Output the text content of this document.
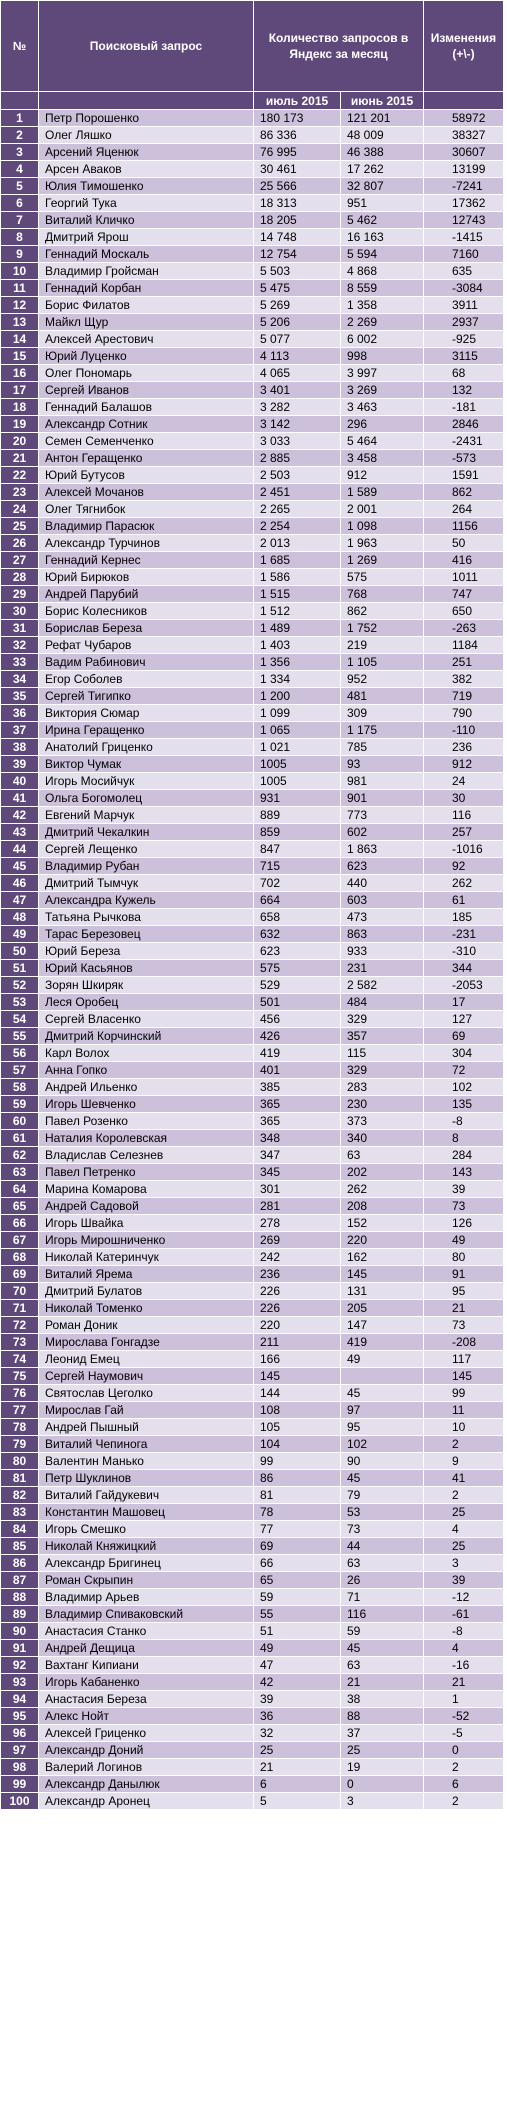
№	Поисковый запрос	Количество запросов в Яндекс за месяц		Изменения (+\-)
		июль 2015	июнь 2015	
1	Петр Порошенко	180 173	121 201	58972
2	Олег Ляшко	86 336	48 009	38327
3	Арсений Яценюк	76 995	46 388	30607
4	Арсен Аваков	30 461	17 262	13199
5	Юлия Тимошенко	25 566	32 807	-7241
6	Георгий Тука	18 313	951	17362
7	Виталий Кличко	18 205	5 462	12743
8	Дмитрий Ярош	14 748	16 163	-1415
9	Геннадий Москаль	12 754	5 594	7160
10	Владимир Гройсман	5 503	4 868	635
11	Геннадий Корбан	5 475	8 559	-3084
12	Борис Филатов	5 269	1 358	3911
13	Майкл Щур	5 206	2 269	2937
14	Алексей Арестович	5 077	6 002	-925
15	Юрий Луценко	4 113	998	3115
16	Олег Пономарь	4 065	3 997	68
17	Сергей Иванов	3 401	3 269	132
18	Геннадий Балашов	3 282	3 463	-181
19	Александр Сотник	3 142	296	2846
20	Семен Семенченко	3 033	5 464	-2431
21	Антон Геращенко	2 885	3 458	-573
22	Юрий Бутусов	2 503	912	1591
23	Алексей Мочанов	2 451	1 589	862
24	Олег Тягнибок	2 265	2 001	264
25	Владимир Парасюк	2 254	1 098	1156
26	Александр Турчинов	2 013	1 963	50
27	Геннадий Кернес	1 685	1 269	416
28	Юрий Бирюков	1 586	575	1011
29	Андрей Парубий	1 515	768	747
30	Борис Колесников	1 512	862	650
31	Борислав Береза	1 489	1 752	-263
32	Рефат Чубаров	1 403	219	1184
33	Вадим Рабинович	1 356	1 105	251
34	Егор Соболев	1 334	952	382
35	Сергей Тигипко	1 200	481	719
36	Виктория Сюмар	1 099	309	790
37	Ирина Геращенко	1 065	1 175	-110
38	Анатолий Гриценко	1 021	785	236
39	Виктор Чумак	1005	93	912
40	Игорь Мосийчук	1005	981	24
41	Ольга Богомолец	931	901	30
42	Евгений Марчук	889	773	116
43	Дмитрий Чекалкин	859	602	257
44	Сергей Лещенко	847	1 863	-1016
45	Владимир Рубан	715	623	92
46	Дмитрий Тымчук	702	440	262
47	Александра Кужель	664	603	61
48	Татьяна Рычкова	658	473	185
49	Тарас Березовец	632	863	-231
50	Юрий Береза	623	933	-310
51	Юрий Касьянов	575	231	344
52	Зорян Шкиряк	529	2 582	-2053
53	Леся Оробец	501	484	17
54	Сергей Власенко	456	329	127
55	Дмитрий Корчинский	426	357	69
56	Карл Волох	419	115	304
57	Анна Гопко	401	329	72
58	Андрей Ильенко	385	283	102
59	Игорь Шевченко	365	230	135
60	Павел Розенко	365	373	-8
61	Наталия Королевская	348	340	8
62	Владислав Селезнев	347	63	284
63	Павел Петренко	345	202	143
64	Марина Комарова	301	262	39
65	Андрей Садовой	281	208	73
66	Игорь Швайка	278	152	126
67	Игорь Мирошниченко	269	220	49
68	Николай Катеринчук	242	162	80
69	Виталий Ярема	236	145	91
70	Дмитрий Булатов	226	131	95
71	Николай Томенко	226	205	21
72	Роман Доник	220	147	73
73	Мирослава Гонгадзе	211	419	-208
74	Леонид Емец	166	49	117
75	Сергей Наумович	145		145
76	Святослав Цеголко	144	45	99
77	Мирослав Гай	108	97	11
78	Андрей Пышный	105	95	10
79	Виталий Чепинога	104	102	2
80	Валентин Манько	99	90	9
81	Петр Шуклинов	86	45	41
82	Виталий Гайдукевич	81	79	2
83	Константин Машовец	78	53	25
84	Игорь Смешко	77	73	4
85	Николай Княжицкий	69	44	25
86	Александр Бригинец	66	63	3
87	Роман Скрыпин	65	26	39
88	Владимир Арьев	59	71	-12
89	Владимир Спиваковский	55	116	-61
90	Анастасия Станко	51	59	-8
91	Андрей Дещица	49	45	4
92	Вахтанг Кипиани	47	63	-16
93	Игорь Кабаненко	42	21	21
94	Анастасия Береза	39	38	1
95	Алекс Нойт	36	88	-52
96	Алексей Гриценко	32	37	-5
97	Александр Доний	25	25	0
98	Валерий Логинов	21	19	2
99	Александр Данылюк	6	0	6
100	Александр Аронец	5	3	2
